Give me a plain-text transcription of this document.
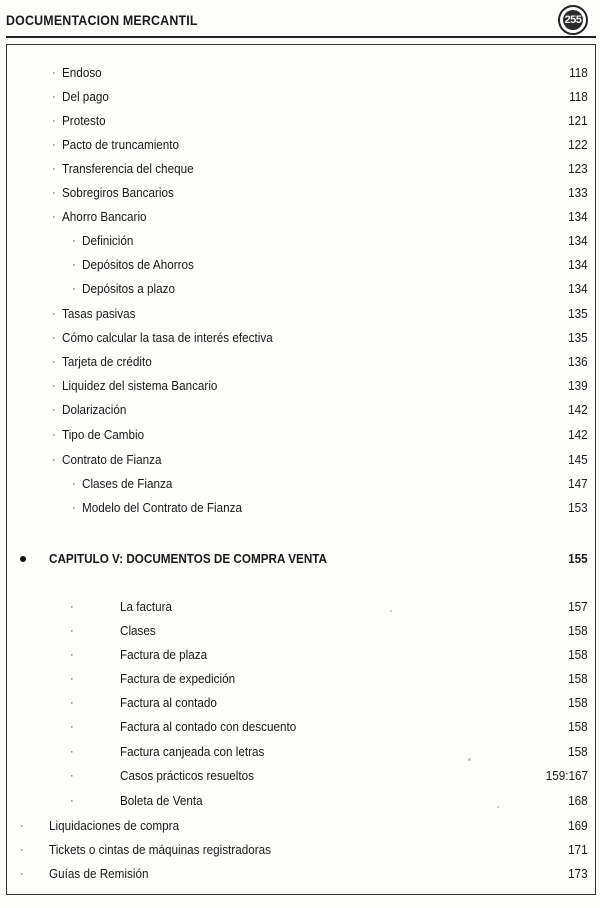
DOCUMENTACION MERCANTIL	255
· Endoso	118
· Del pago	118
· Protesto	121
· Pacto de truncamiento	122
· Transferencia del cheque	123
· Sobregiros Bancarios	133
· Ahorro Bancario	134
· Definición	134
· Depósitos de Ahorros	134
· Depósitos a plazo	134
· Tasas pasivas	135
· Cómo calcular la tasa de interés efectiva	135
· Tarjeta de crédito	136
· Liquidez del sistema Bancario	139
· Dolarización	142
· Tipo de Cambio	142
· Contrato de Fianza	145
· Clases de Fianza	147
· Modelo del Contrato de Fianza	153
CAPITULO V: DOCUMENTOS DE COMPRA VENTA	155
·	La factura	157
·	Clases	158
·	Factura de plaza	158
·	Factura de expedición	158
·	Factura al contado	158
·	Factura al contado con descuento	158
·	Factura canjeada con letras	158
·	Casos prácticos resueltos	159:167
·	Boleta de Venta	168
· Liquidaciones de compra	169
· Tickets o cintas de máquinas registradoras	171
· Guías de Remisión	173
